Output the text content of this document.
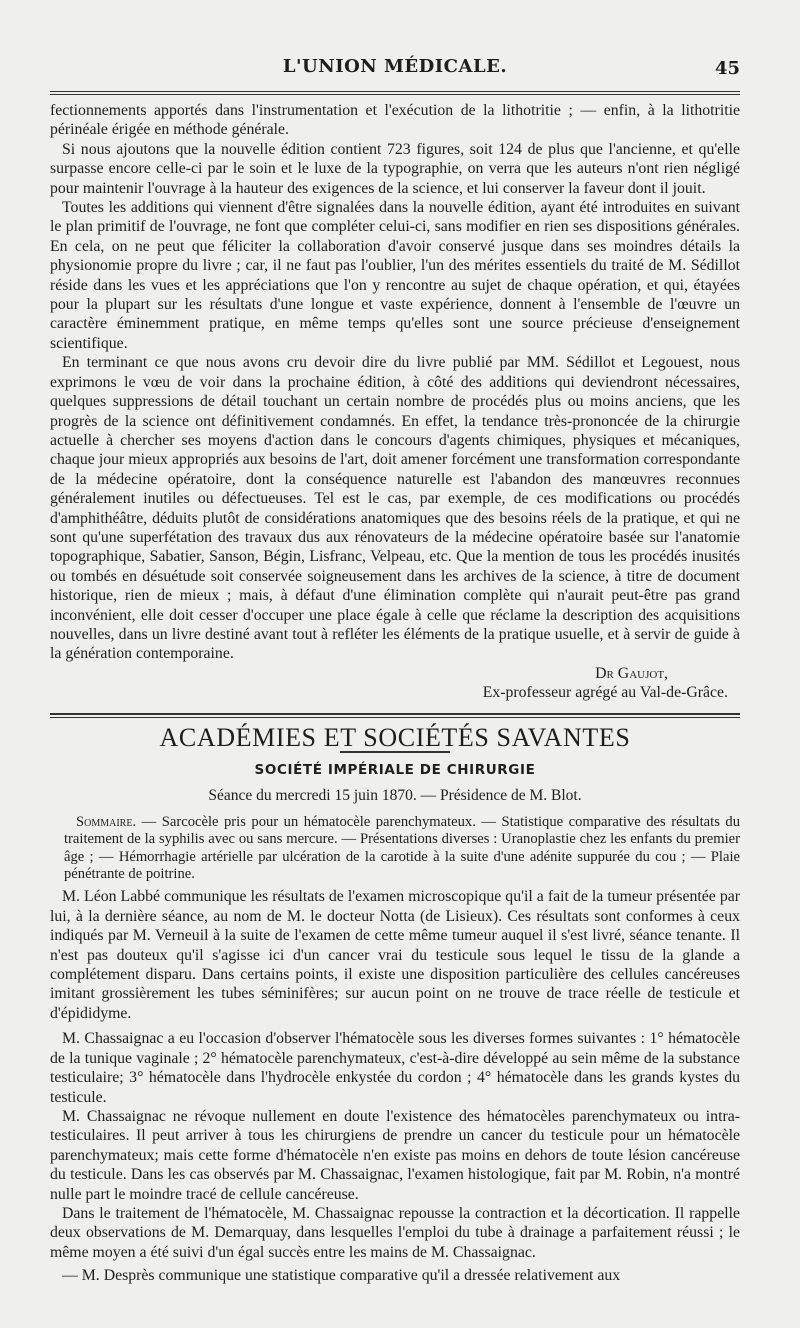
L'UNION MÉDICALE.	45

fectionnements apportés dans l'instrumentation et l'exécution de la lithotritie ; — enfin, à la lithotritie périnéale érigée en méthode générale.

Si nous ajoutons que la nouvelle édition contient 723 figures, soit 124 de plus que l'ancienne, et qu'elle surpasse encore celle-ci par le soin et le luxe de la typographie, on verra que les auteurs n'ont rien négligé pour maintenir l'ouvrage à la hauteur des exigences de la science, et lui conserver la faveur dont il jouit.

Toutes les additions qui viennent d'être signalées dans la nouvelle édition, ayant été introduites en suivant le plan primitif de l'ouvrage, ne font que compléter celui-ci, sans modifier en rien ses dispositions générales. En cela, on ne peut que féliciter la collaboration d'avoir conservé jusque dans ses moindres détails la physionomie propre du livre ; car, il ne faut pas l'oublier, l'un des mérites essentiels du traité de M. Sédillot réside dans les vues et les appréciations que l'on y rencontre au sujet de chaque opération, et qui, étayées pour la plupart sur les résultats d'une longue et vaste expérience, donnent à l'ensemble de l'œuvre un caractère éminemment pratique, en même temps qu'elles sont une source précieuse d'enseignement scientifique.

En terminant ce que nous avons cru devoir dire du livre publié par MM. Sédillot et Legouest, nous exprimons le vœu de voir dans la prochaine édition, à côté des additions qui deviendront nécessaires, quelques suppressions de détail touchant un certain nombre de procédés plus ou moins anciens, que les progrès de la science ont définitivement condamnés. En effet, la tendance très-prononcée de la chirurgie actuelle à chercher ses moyens d'action dans le concours d'agents chimiques, physiques et mécaniques, chaque jour mieux appropriés aux besoins de l'art, doit amener forcément une transformation correspondante de la médecine opératoire, dont la conséquence naturelle est l'abandon des manœuvres reconnues généralement inutiles ou défectueuses. Tel est le cas, par exemple, de ces modifications ou procédés d'amphithéâtre, déduits plutôt de considérations anatomiques que des besoins réels de la pratique, et qui ne sont qu'une superfétation des travaux dus aux rénovateurs de la médecine opératoire basée sur l'anatomie topographique, Sabatier, Sanson, Bégin, Lisfranc, Velpeau, etc. Que la mention de tous les procédés inusités ou tombés en désuétude soit conservée soigneusement dans les archives de la science, à titre de document historique, rien de mieux ; mais, à défaut d'une élimination complète qui n'aurait peut-être pas grand inconvénient, elle doit cesser d'occuper une place égale à celle que réclame la description des acquisitions nouvelles, dans un livre destiné avant tout à refléter les éléments de la pratique usuelle, et à servir de guide à la génération contemporaine.

Dr Gaujot,
Ex-professeur agrégé au Val-de-Grâce.
ACADÉMIES ET SOCIÉTÉS SAVANTES
SOCIÉTÉ IMPÉRIALE DE CHIRURGIE
Séance du mercredi 15 juin 1870. — Présidence de M. Blot.

Sommaire. — Sarcocèle pris pour un hématocèle parenchymateux. — Statistique comparative des résultats du traitement de la syphilis avec ou sans mercure. — Présentations diverses : Uranoplastie chez les enfants du premier âge ; — Hémorrhagie artérielle par ulcération de la carotide à la suite d'une adénite suppurée du cou ; — Plaie pénétrante de poitrine.

M. Léon Labbé communique les résultats de l'examen microscopique qu'il a fait de la tumeur présentée par lui, à la dernière séance, au nom de M. le docteur Notta (de Lisieux). Ces résultats sont conformes à ceux indiqués par M. Verneuil à la suite de l'examen de cette même tumeur auquel il s'est livré, séance tenante. Il n'est pas douteux qu'il s'agisse ici d'un cancer vrai du testicule sous lequel le tissu de la glande a complétement disparu. Dans certains points, il existe une disposition particulière des cellules cancéreuses imitant grossièrement les tubes séminifères; sur aucun point on ne trouve de trace réelle de testicule et d'épididyme.

M. Chassaignac a eu l'occasion d'observer l'hématocèle sous les diverses formes suivantes : 1° hématocèle de la tunique vaginale ; 2° hématocèle parenchymateux, c'est-à-dire développé au sein même de la substance testiculaire; 3° hématocèle dans l'hydrocèle enkystée du cordon ; 4° hématocèle dans les grands kystes du testicule.

M. Chassaignac ne révoque nullement en doute l'existence des hématocèles parenchymateux ou intra-testiculaires. Il peut arriver à tous les chirurgiens de prendre un cancer du testicule pour un hématocèle parenchymateux; mais cette forme d'hématocèle n'en existe pas moins en dehors de toute lésion cancéreuse du testicule. Dans les cas observés par M. Chassaignac, l'examen histologique, fait par M. Robin, n'a montré nulle part le moindre tracé de cellule cancéreuse.

Dans le traitement de l'hématocèle, M. Chassaignac repousse la contraction et la décortication. Il rappelle deux observations de M. Demarquay, dans lesquelles l'emploi du tube à drainage a parfaitement réussi ; le même moyen a été suivi d'un égal succès entre les mains de M. Chassaignac.

— M. Desprès communique une statistique comparative qu'il a dressée relativement aux
